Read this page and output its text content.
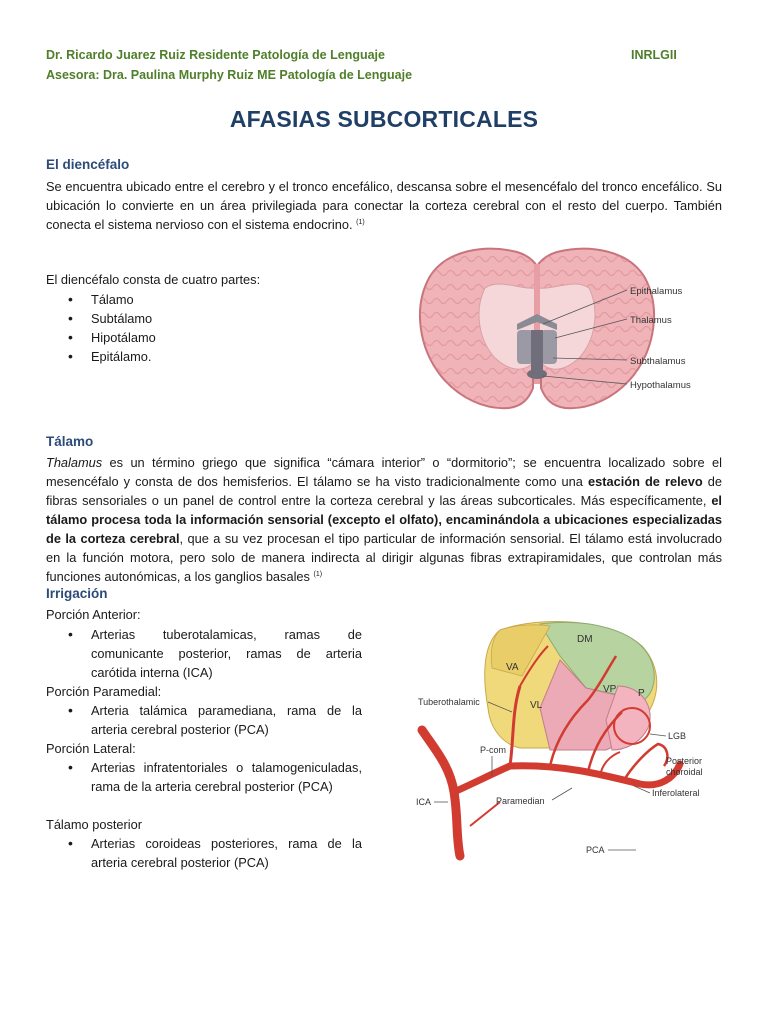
Dr. Ricardo Juarez Ruiz Residente Patología de Lenguaje	INRLGII
Asesora: Dra. Paulina Murphy Ruiz ME Patología de Lenguaje
AFASIAS SUBCORTICALES
El diencéfalo
Se encuentra ubicado entre el cerebro y el tronco encefálico, descansa sobre el mesencéfalo del tronco encefálico. Su ubicación lo convierte en un área privilegiada para conectar la corteza cerebral con el resto del cuerpo. También conecta el sistema nervioso con el sistema endocrino. $^{(1)}$
El diencéfalo consta de cuatro partes:
• Tálamo
• Subtálamo
• Hipotálamo
• Epitálamo.
Epithalamus
Thalamus
Subthalamus
Hypothalamus
Tálamo
Thalamus es un término griego que significa “cámara interior” o “dormitorio”; se encuentra localizado sobre el mesencéfalo y consta de dos hemisferios. El tálamo se ha visto tradicionalmente como una estación de relevo de fibras sensoriales o un panel de control entre la corteza cerebral y las áreas subcorticales. Más específicamente, el tálamo procesa toda la información sensorial (excepto el olfato), encaminándola a ubicaciones especializadas de la corteza cerebral, que a su vez procesan el tipo particular de información sensorial. El tálamo está involucrado en la función motora, pero solo de manera indirecta al dirigir algunas fibras extrapiramidales, que controlan más funciones autonómicas, a los ganglios basales $^{(1)}$
Irrigación
Porción Anterior:
• Arterias tuberotalamicas, ramas de comunicante posterior, ramas de arteria carótida interna (ICA)
Porción Paramedial:
• Arteria talámica paramediana, rama de la arteria cerebral posterior (PCA)
Porción Lateral:
• Arterias infratentoriales o talamogeniculadas, rama de la arteria cerebral posterior (PCA)
Tálamo posterior
• Arterias coroideas posteriores, rama de la arteria cerebral posterior (PCA)
DM
VA
VL
VP P
Tuberothalamic
P-com
ICA	Paramedian
PCA
LGB
Posterior choroidal
Inferolateral
